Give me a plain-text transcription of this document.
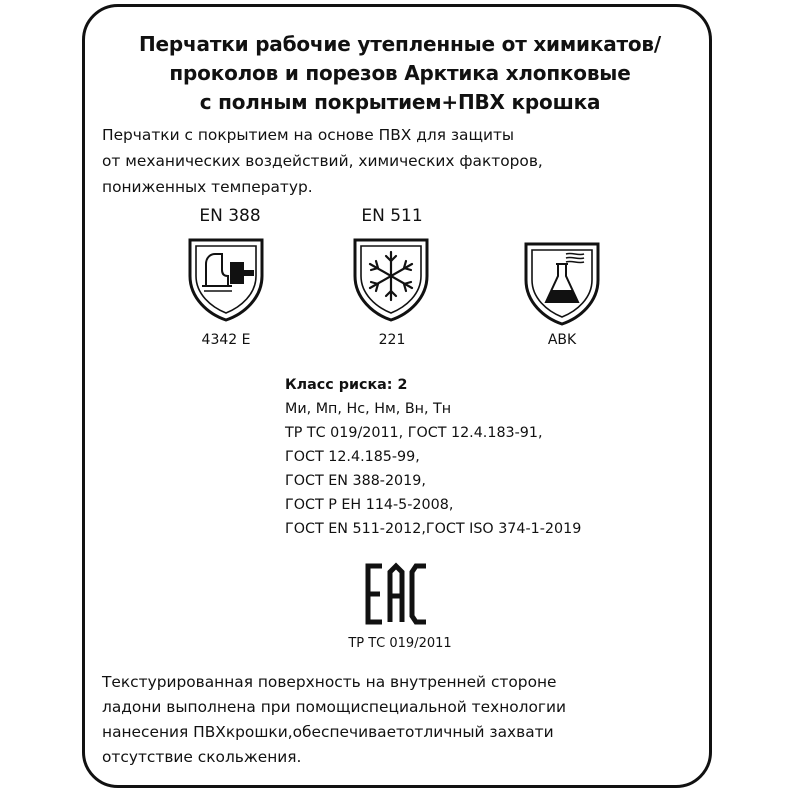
Перчатки рабочие утепленные от химикатов/
проколов и порезов Арктика хлопковые
с полным покрытием+ПВХ крошка
Перчатки с покрытием на основе ПВХ для защиты
от механических воздействий, химических факторов,
пониженных температур.
EN 388
4342 E
EN 511
221	ABK
Класс риска: 2
Ми, Мп, Нс, Нм, Вн, Тн
ТР ТС 019/2011, ГОСТ 12.4.183-91,
ГОСТ 12.4.185-99,
ГОСТ EN 388-2019,
ГОСТ Р ЕН 114-5-2008,
ГОСТ EN 511-2012,ГОСТ ISO 374-1-2019
ТР ТС 019/2011
Текстурированная поверхность на внутренней стороне
ладони выполнена при помощиспециальной технологии
нанесения ПВХкрошки,обеспечиваетотличный захвати
отсутствие скольжения.
